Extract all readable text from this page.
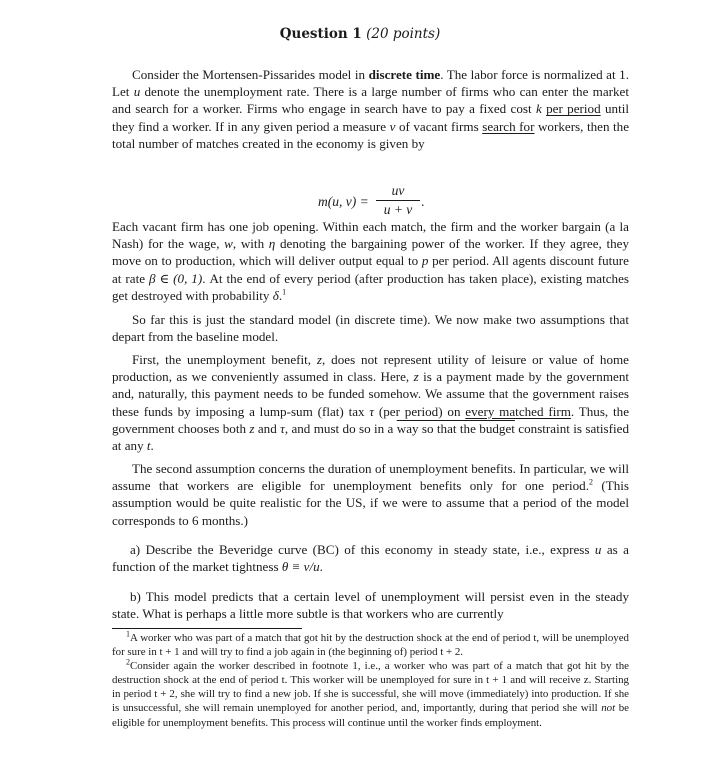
Question 1 (20 points)

Consider the Mortensen-Pissarides model in discrete time. The labor force is normalized at 1. Let u denote the unemployment rate. There is a large number of firms who can enter the market and search for a worker. Firms who engage in search have to pay a fixed cost k per period until they find a worker. If in any given period a measure v of vacant firms search for workers, then the total number of matches created in the economy is given by

m(u, v) =
uv
u + v
.

Each vacant firm has one job opening. Within each match, the firm and the worker bargain (a la Nash) for the wage, w, with η denoting the bargaining power of the worker. If they agree, they move on to production, which will deliver output equal to p per period. All agents discount future at rate β ∈ (0, 1). At the end of every period (after production has taken place), existing matches get destroyed with probability δ.$^1$

So far this is just the standard model (in discrete time). We now make two assumptions that depart from the baseline model.

First, the unemployment benefit, z, does not represent utility of leisure or value of home production, as we conveniently assumed in class. Here, z is a payment made by the government and, naturally, this payment needs to be funded somehow. We assume that the government raises these funds by imposing a lump-sum (flat) tax τ (per period) on every matched firm. Thus, the government chooses both z and τ, and must do so in a way so that the budget constraint is satisfied at any t.

The second assumption concerns the duration of unemployment benefits. In particular, we will assume that workers are eligible for unemployment benefits only for one period.$^2$ (This assumption would be quite realistic for the US, if we were to assume that a period of the model corresponds to 6 months.)

a) Describe the Beveridge curve (BC) of this economy in steady state, i.e., express u as a function of the market tightness θ ≡ v/u.

b) This model predicts that a certain level of unemployment will persist even in the steady state. What is perhaps a little more subtle is that workers who are currently

$^1$A worker who was part of a match that got hit by the destruction shock at the end of period t, will be unemployed for sure in t + 1 and will try to find a job again in (the beginning of) period t + 2.

$^2$Consider again the worker described in footnote 1, i.e., a worker who was part of a match that got hit by the destruction shock at the end of period t. This worker will be unemployed for sure in t + 1 and will receive z. Starting in period t + 2, she will try to find a new job. If she is successful, she will move (immediately) into production. If she is unsuccessful, she will remain unemployed for another period, and, importantly, during that period she will not be eligible for unemployment benefits. This process will continue until the worker finds employment.
